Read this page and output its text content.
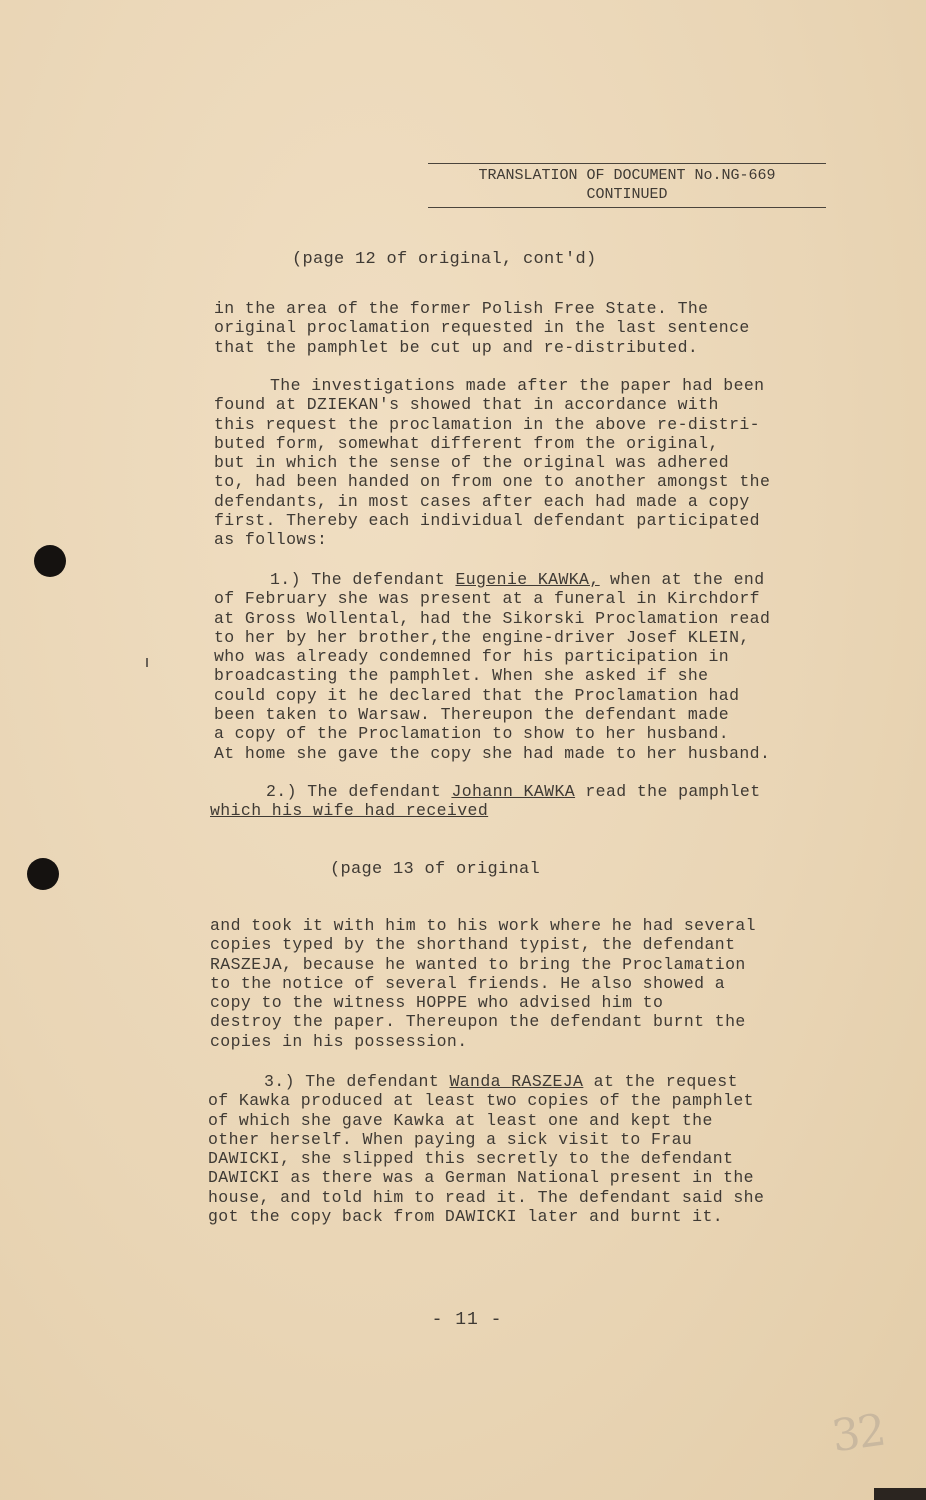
TRANSLATION OF DOCUMENT No.NG-669
CONTINUED
(page 12 of original, cont'd)
in the area of the former Polish Free State. The
original proclamation requested in the last sentence
that the pamphlet be cut up and re-distributed.
The investigations made after the paper had been
found at DZIEKAN's showed that in accordance with
this request the proclamation in the above re-distri-
buted form, somewhat different from the original,
but in which the sense of the original was adhered
to, had been handed on from one to another amongst the
defendants, in most cases after each had made a copy
first. Thereby each individual defendant participated
as follows:
1.) The defendant Eugenie KAWKA, when at the end
of February she was present at a funeral in Kirchdorf
at Gross Wollental, had the Sikorski Proclamation read
to her by her brother,the engine-driver Josef KLEIN,
who was already condemned for his participation in
broadcasting the pamphlet. When she asked if she
could copy it he declared that the Proclamation had
been taken to Warsaw. Thereupon the defendant made
a copy of the Proclamation to show to her husband.
At home she gave the copy she had made to her husband.
2.) The defendant Johann KAWKA read the pamphlet
which his wife had received
(page 13 of original
and took it with him to his work where he had several
copies typed by the shorthand typist, the defendant
RASZEJA, because he wanted to bring the Proclamation
to the notice of several friends. He also showed a
copy to the witness HOPPE who advised him to
destroy the paper. Thereupon the defendant burnt the
copies in his possession.
3.) The defendant Wanda RASZEJA at the request
of Kawka produced at least two copies of the pamphlet
of which she gave Kawka at least one and kept the
other herself. When paying a sick visit to Frau
DAWICKI, she slipped this secretly to the defendant
DAWICKI as there was a German National present in the
house, and told him to read it. The defendant said she
got the copy back from DAWICKI later and burnt it.
- 11 -
32
